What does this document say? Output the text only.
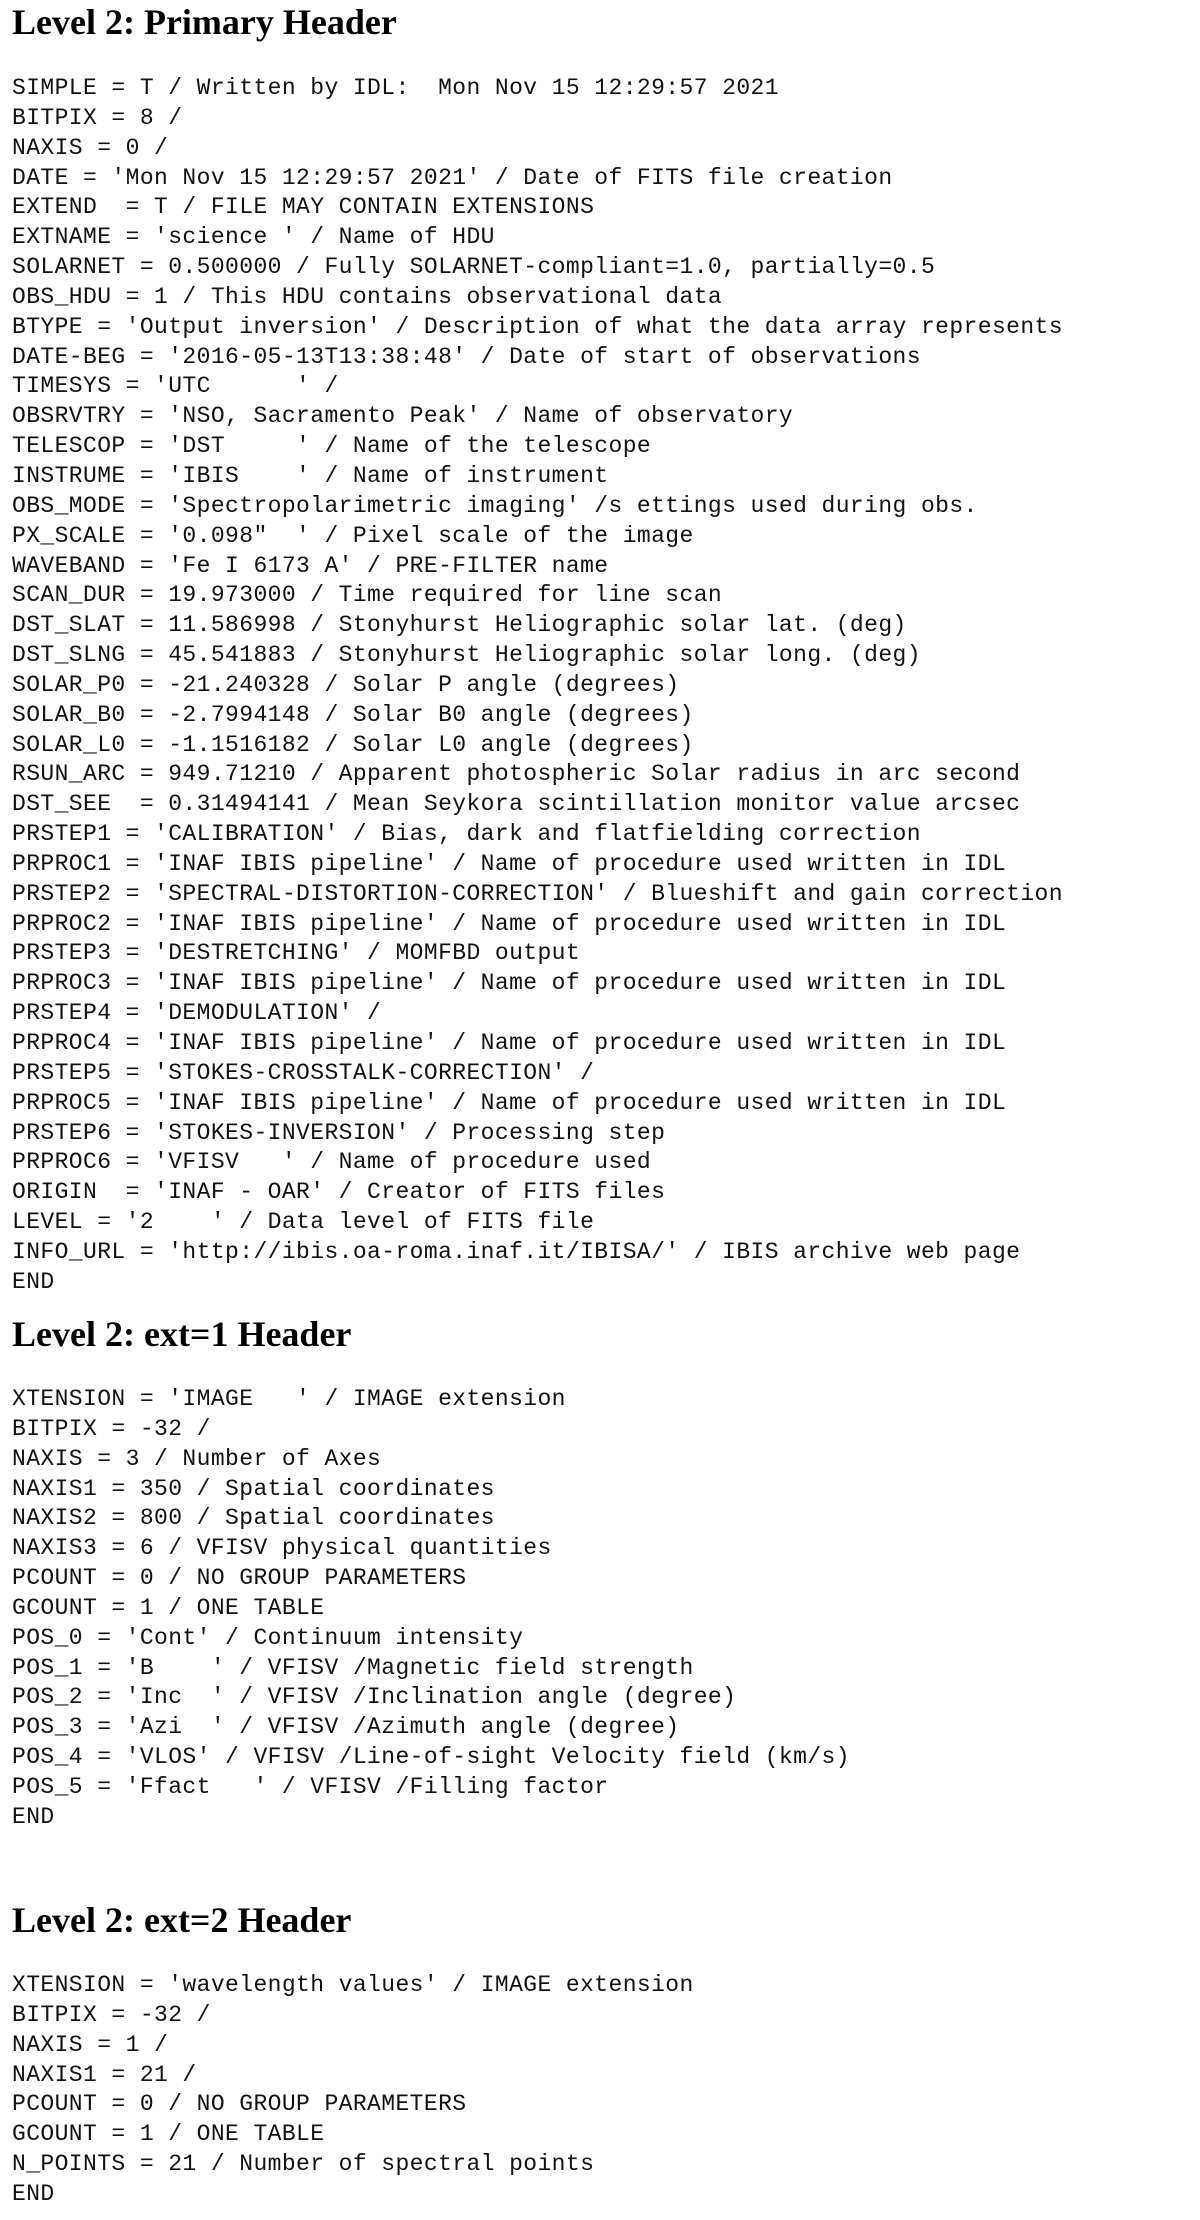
Level 2: Primary Header
SIMPLE = T / Written by IDL:  Mon Nov 15 12:29:57 2021
BITPIX = 8 /
NAXIS = 0 /
DATE = 'Mon Nov 15 12:29:57 2021' / Date of FITS file creation
EXTEND  = T / FILE MAY CONTAIN EXTENSIONS
EXTNAME = 'science ' / Name of HDU
SOLARNET = 0.500000 / Fully SOLARNET-compliant=1.0, partially=0.5
OBS_HDU = 1 / This HDU contains observational data
BTYPE = 'Output inversion' / Description of what the data array represents
DATE-BEG = '2016-05-13T13:38:48' / Date of start of observations
TIMESYS = 'UTC      ' /
OBSRVTRY = 'NSO, Sacramento Peak' / Name of observatory
TELESCOP = 'DST     ' / Name of the telescope
INSTRUME = 'IBIS    ' / Name of instrument
OBS_MODE = 'Spectropolarimetric imaging' /s ettings used during obs.
PX_SCALE = '0.098"  ' / Pixel scale of the image
WAVEBAND = 'Fe I 6173 A' / PRE-FILTER name
SCAN_DUR = 19.973000 / Time required for line scan
DST_SLAT = 11.586998 / Stonyhurst Heliographic solar lat. (deg)
DST_SLNG = 45.541883 / Stonyhurst Heliographic solar long. (deg)
SOLAR_P0 = -21.240328 / Solar P angle (degrees)
SOLAR_B0 = -2.7994148 / Solar B0 angle (degrees)
SOLAR_L0 = -1.1516182 / Solar L0 angle (degrees)
RSUN_ARC = 949.71210 / Apparent photospheric Solar radius in arc second
DST_SEE  = 0.31494141 / Mean Seykora scintillation monitor value arcsec
PRSTEP1 = 'CALIBRATION' / Bias, dark and flatfielding correction
PRPROC1 = 'INAF IBIS pipeline' / Name of procedure used written in IDL
PRSTEP2 = 'SPECTRAL-DISTORTION-CORRECTION' / Blueshift and gain correction
PRPROC2 = 'INAF IBIS pipeline' / Name of procedure used written in IDL
PRSTEP3 = 'DESTRETCHING' / MOMFBD output
PRPROC3 = 'INAF IBIS pipeline' / Name of procedure used written in IDL
PRSTEP4 = 'DEMODULATION' /
PRPROC4 = 'INAF IBIS pipeline' / Name of procedure used written in IDL
PRSTEP5 = 'STOKES-CROSSTALK-CORRECTION' /
PRPROC5 = 'INAF IBIS pipeline' / Name of procedure used written in IDL
PRSTEP6 = 'STOKES-INVERSION' / Processing step
PRPROC6 = 'VFISV   ' / Name of procedure used
ORIGIN  = 'INAF - OAR' / Creator of FITS files
LEVEL = '2    ' / Data level of FITS file
INFO_URL = 'http://ibis.oa-roma.inaf.it/IBISA/' / IBIS archive web page
END
Level 2: ext=1 Header
XTENSION = 'IMAGE   ' / IMAGE extension
BITPIX = -32 /
NAXIS = 3 / Number of Axes
NAXIS1 = 350 / Spatial coordinates
NAXIS2 = 800 / Spatial coordinates
NAXIS3 = 6 / VFISV physical quantities
PCOUNT = 0 / NO GROUP PARAMETERS
GCOUNT = 1 / ONE TABLE
POS_0 = 'Cont' / Continuum intensity
POS_1 = 'B    ' / VFISV /Magnetic field strength
POS_2 = 'Inc  ' / VFISV /Inclination angle (degree)
POS_3 = 'Azi  ' / VFISV /Azimuth angle (degree)
POS_4 = 'VLOS' / VFISV /Line-of-sight Velocity field (km/s)
POS_5 = 'Ffact   ' / VFISV /Filling factor
END
Level 2: ext=2 Header
XTENSION = 'wavelength values' / IMAGE extension
BITPIX = -32 /
NAXIS = 1 /
NAXIS1 = 21 /
PCOUNT = 0 / NO GROUP PARAMETERS
GCOUNT = 1 / ONE TABLE
N_POINTS = 21 / Number of spectral points
END
